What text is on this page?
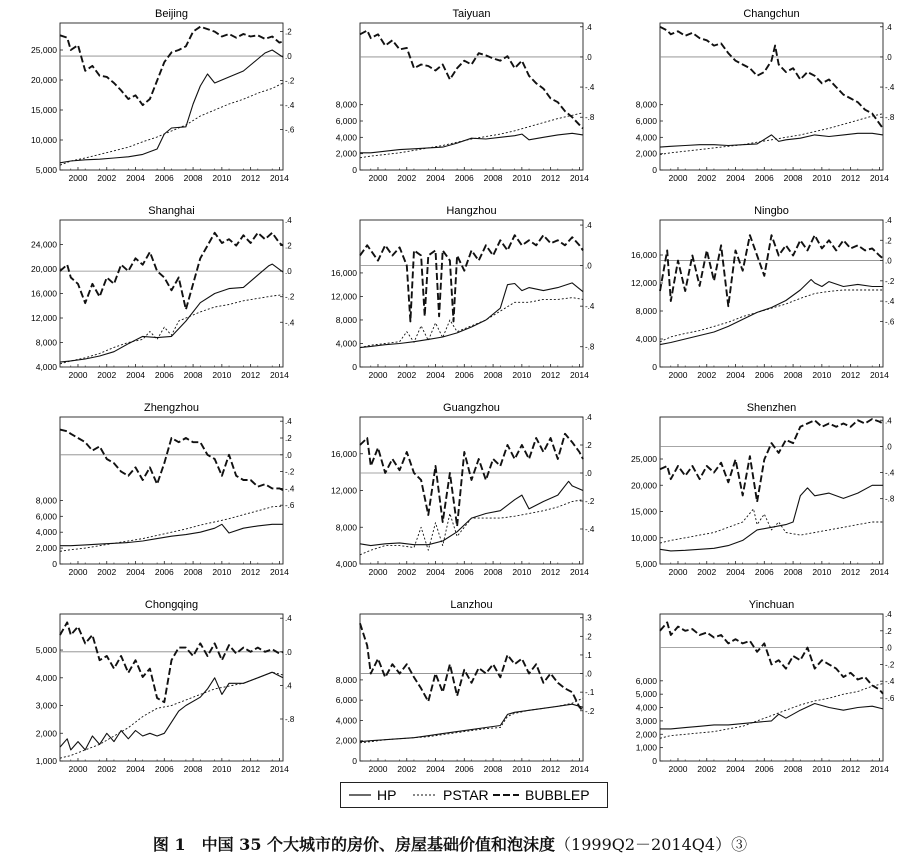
Beijing
2000 2002 2004 2006 2008 2010 2012 2014
5,000
10,000
15,000
20,000
25,000
-.6
-.4
-.2
.0
.2
Taiyuan
2000 2002 2004 2006 2008 2010 2012 2014
0
2,000
4,000
6,000
8,000
-.8
-.4
.0
.4
Changchun
2000 2002 2004 2006 2008 2010 2012 2014
0
2,000
4,000
6,000
8,000
-.8
-.4
.0
.4
Shanghai
2000 2002 2004 2006 2008 2010 2012 2014
4,000
8,000
12,000
16,000
20,000
24,000
-.4
-.2
.0
.2
.4
Hangzhou
2000 2002 2004 2006 2008 2010 2012 2014
0
4,000
8,000
12,000
16,000
-.8
-.4
.0
.4
Ningbo
2000 2002 2004 2006 2008 2010 2012 2014
0
4,000
8,000
12,000
16,000
-.6
-.4
-.2
.0
.2
.4
Zhengzhou
2000 2002 2004 2006 2008 2010 2012 2014
0
2,000
4,000
6,000
8,000
-.6
-.4
-.2
.0
.2
.4
Guangzhou
2000 2002 2004 2006 2008 2010 2012 2014
4,000
8,000
12,000
16,000
-.4
-.2
.0
.2
.4
Shenzhen
2000 2002 2004 2006 2008 2010 2012 2014
5,000
10,000
15,000
20,000
25,000
-.8
-.4
.0
.4
Chongqing
2000 2002 2004 2006 2008 2010 2012 2014
1,000
2,000
3,000
4,000
5,000
-.8
.4
.0
.4
Lanzhou
2000 2002 2004 2006 2008 2010 2012 2014
0
2,000
4,000
6,000
8,000
-.2
-.1
.0
.1
.2
.3
Yinchuan
2000 2002 2004 2006 2008 2010 2012 2014
0
1,000
2,000
3,000
4,000
5,000
6,000
-.6
-.4
-.2
.0
.2
.4
HP	PSTAR	BUBBLEP
图 1　中国 35 个大城市的房价、房屋基础价值和泡沫度（1999Q2－2014Q4）③
